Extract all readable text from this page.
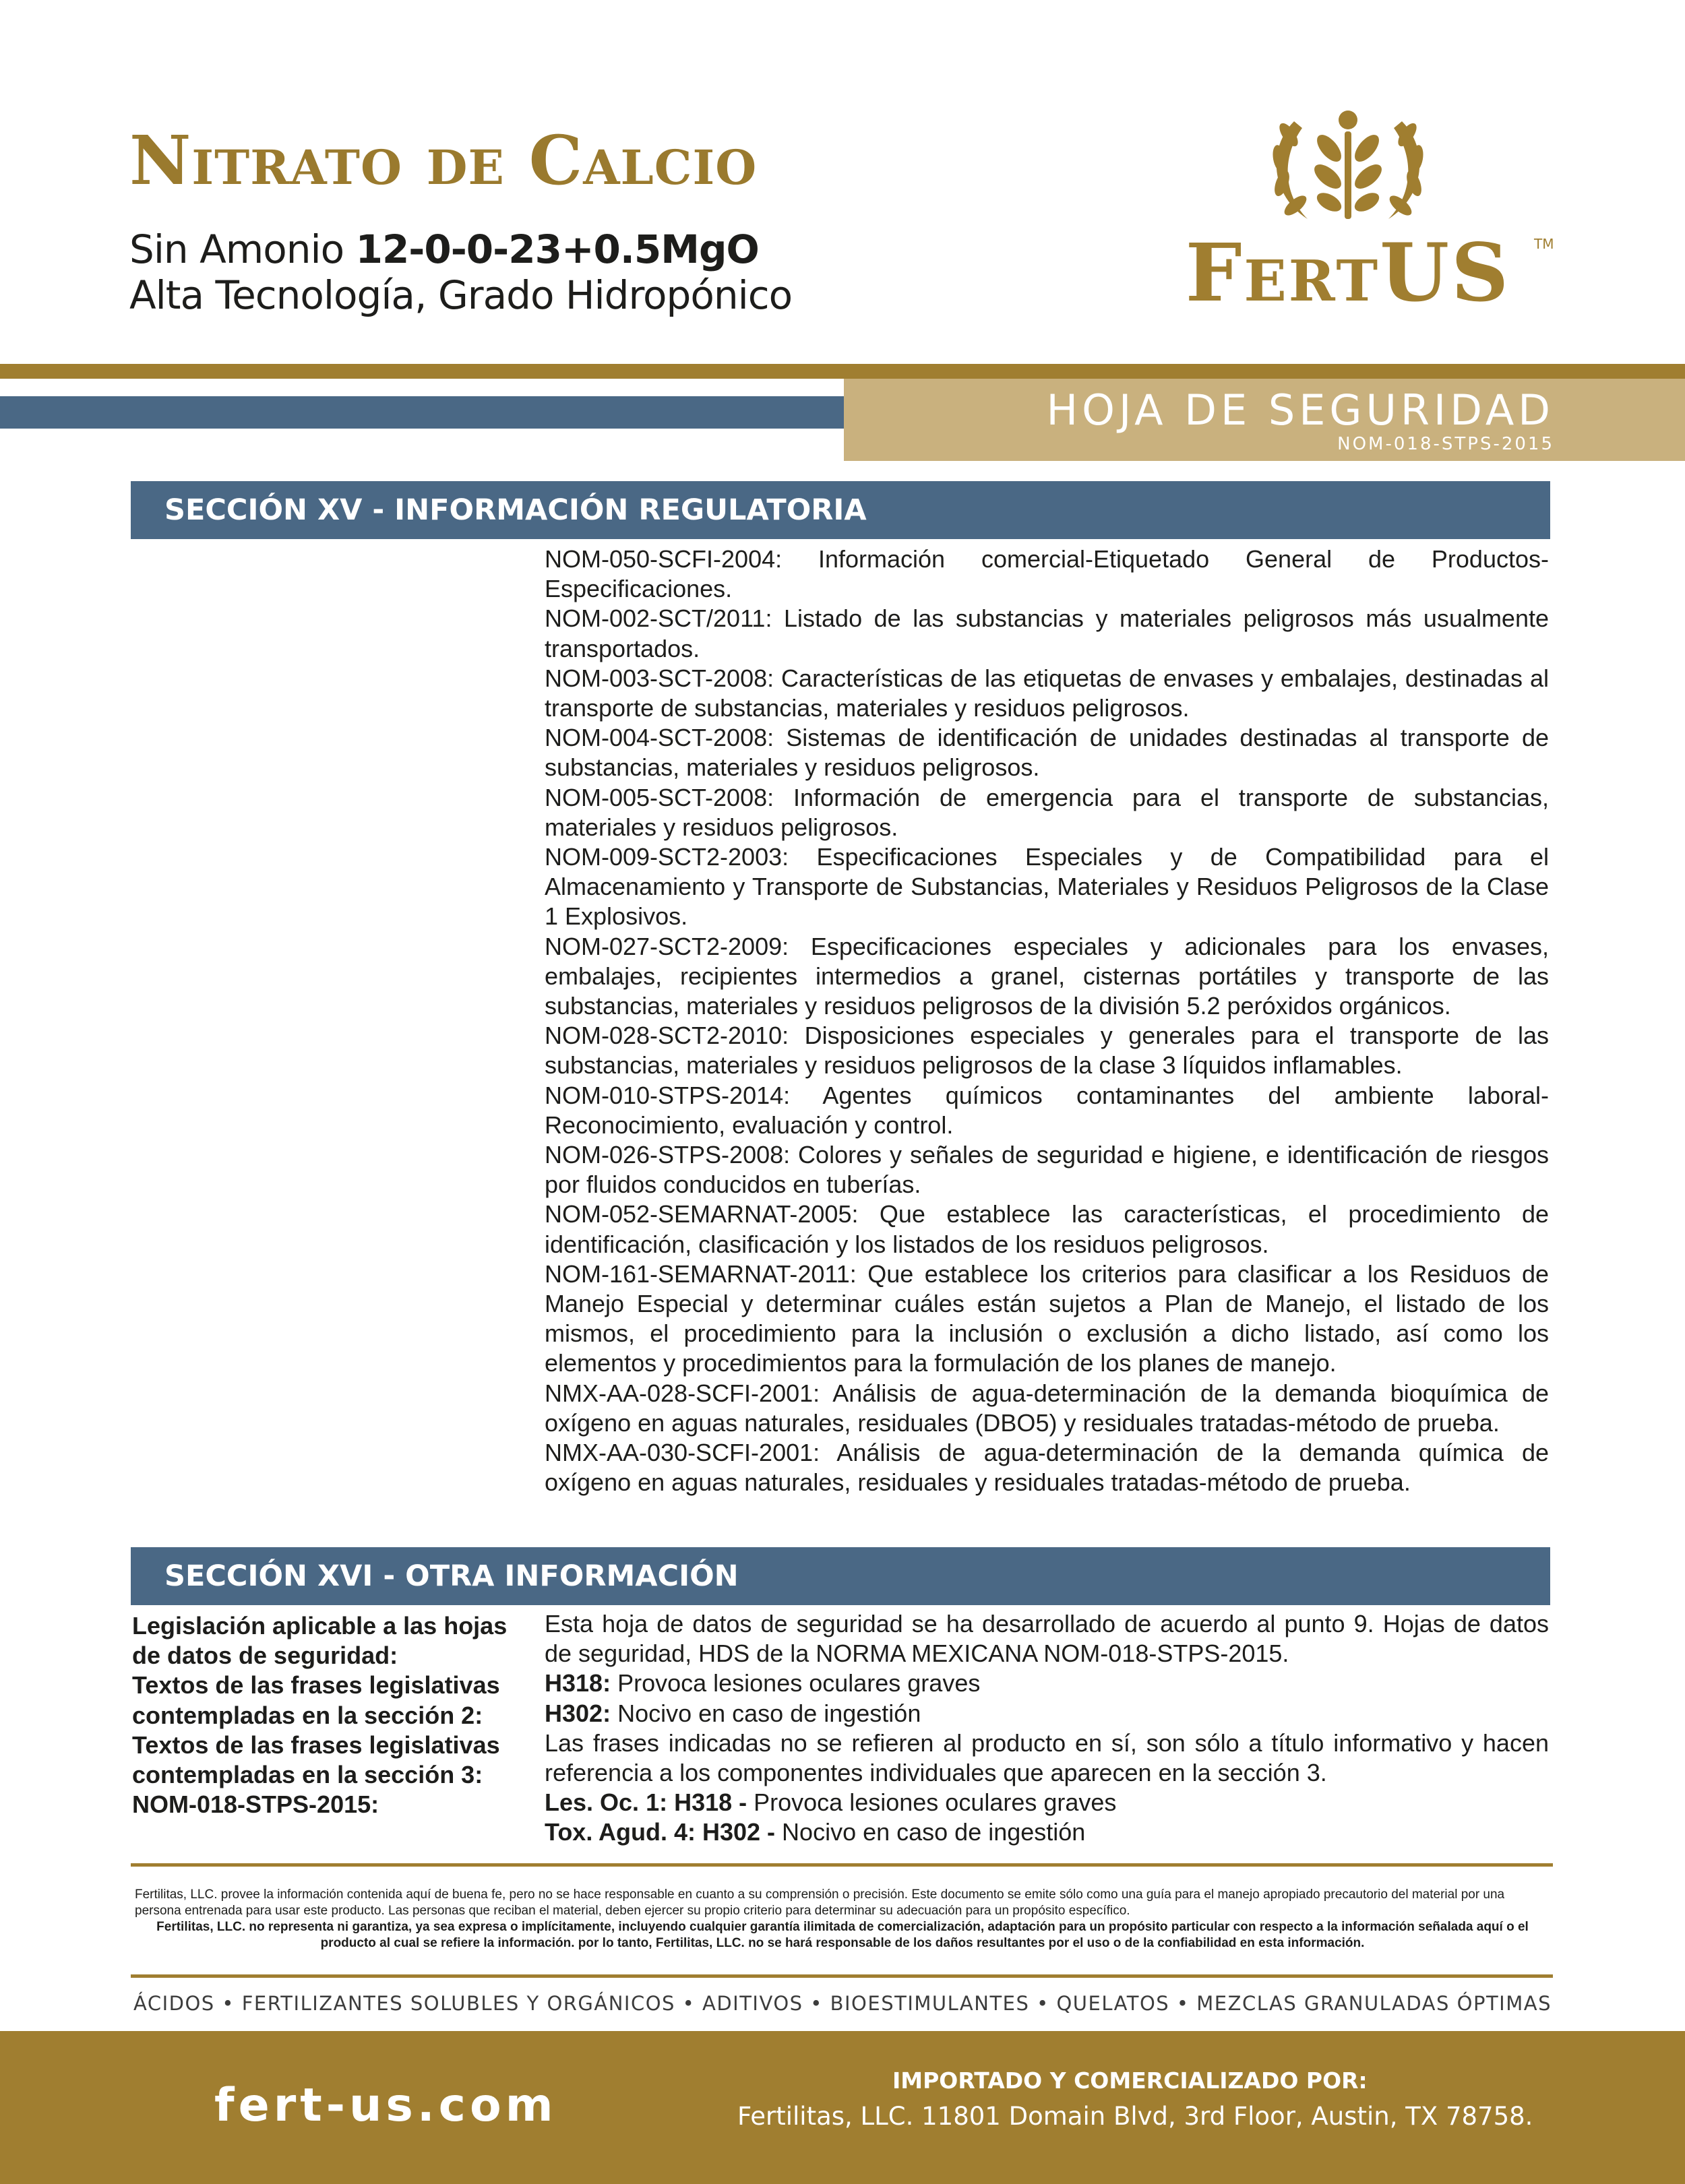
Nitrato de Calcio
Sin Amonio 12-0-0-23+0.5MgO
Alta Tecnología, Grado Hidropónico	FertUS	TM
HOJA DE SEGURIDAD
NOM-018-STPS-2015
SECCIÓN XV - INFORMACIÓN REGULATORIA

NOM-050-SCFI-2004: Información comercial-Etiquetado General de Productos-Especificaciones.

NOM-002-SCT/2011: Listado de las substancias y materiales peligrosos más usualmente transportados.

NOM-003-SCT-2008: Características de las etiquetas de envases y embalajes, destinadas al transporte de substancias, materiales y residuos peligrosos.

NOM-004-SCT-2008: Sistemas de identificación de unidades destinadas al transporte de substancias, materiales y residuos peligrosos.

NOM-005-SCT-2008: Información de emergencia para el transporte de substancias, materiales y residuos peligrosos.

NOM-009-SCT2-2003: Especificaciones Especiales y de Compatibilidad para el Almacenamiento y Transporte de Substancias, Materiales y Residuos Peligrosos de la Clase 1 Explosivos.

NOM-027-SCT2-2009: Especificaciones especiales y adicionales para los envases, embalajes, recipientes intermedios a granel, cisternas portátiles y transporte de las substancias, materiales y residuos peligrosos de la división 5.2 peróxidos orgánicos.

NOM-028-SCT2-2010: Disposiciones especiales y generales para el transporte de las substancias, materiales y residuos peligrosos de la clase 3 líquidos inflamables.

NOM-010-STPS-2014: Agentes químicos contaminantes del ambiente laboral-Reconocimiento, evaluación y control.

NOM-026-STPS-2008: Colores y señales de seguridad e higiene, e identificación de riesgos por fluidos conducidos en tuberías.

NOM-052-SEMARNAT-2005: Que establece las características, el procedimiento de identificación, clasificación y los listados de los residuos peligrosos.

NOM-161-SEMARNAT-2011: Que establece los criterios para clasificar a los Residuos de Manejo Especial y determinar cuáles están sujetos a Plan de Manejo, el listado de los mismos, el procedimiento para la inclusión o exclusión a dicho listado, así como los elementos y procedimientos para la formulación de los planes de manejo.

NMX-AA-028-SCFI-2001: Análisis de agua-determinación de la demanda bioquímica de oxígeno en aguas naturales, residuales (DBO5) y residuales tratadas-método de prueba.

NMX-AA-030-SCFI-2001: Análisis de agua-determinación de la demanda química de oxígeno en aguas naturales, residuales y residuales tratadas-método de prueba.

SECCIÓN XVI - OTRA INFORMACIÓN

Legislación aplicable a las hojas de datos de seguridad:

Textos de las frases legislativas contempladas en la sección 2:

Textos de las frases legislativas contempladas en la sección 3:

NOM-018-STPS-2015:

Esta hoja de datos de seguridad se ha desarrollado de acuerdo al punto 9. Hojas de datos de seguridad, HDS de la NORMA MEXICANA NOM-018-STPS-2015.

H318: Provoca lesiones oculares graves

H302: Nocivo en caso de ingestión

Las frases indicadas no se refieren al producto en sí, son sólo a título informativo y hacen referencia a los componentes individuales que aparecen en la sección 3.

Les. Oc. 1: H318 - Provoca lesiones oculares graves

Tox. Agud. 4: H302 - Nocivo en caso de ingestión

Fertilitas, LLC. provee la información contenida aquí de buena fe, pero no se hace responsable en cuanto a su comprensión o precisión. Este documento se emite sólo como una guía para el manejo apropiado precautorio del material por una persona entrenada para usar este producto. Las personas que reciban el material, deben ejercer su propio criterio para determinar su adecuación para un propósito específico.

Fertilitas, LLC. no representa ni garantiza, ya sea expresa o implícitamente, incluyendo cualquier garantía ilimitada de comercialización, adaptación para un propósito particular con respecto a la información señalada aquí o el producto al cual se refiere la información. por lo tanto, Fertilitas, LLC. no se hará responsable de los daños resultantes por el uso o de la confiabilidad en esta información.

ÁCIDOS • FERTILIZANTES SOLUBLES Y ORGÁNICOS • ADITIVOS • BIOESTIMULANTES • QUELATOS • MEZCLAS GRANULADAS ÓPTIMAS
fert-us.com	IMPORTADO Y COMERCIALIZADO POR:
Fertilitas, LLC. 11801 Domain Blvd, 3rd Floor, Austin, TX 78758.
